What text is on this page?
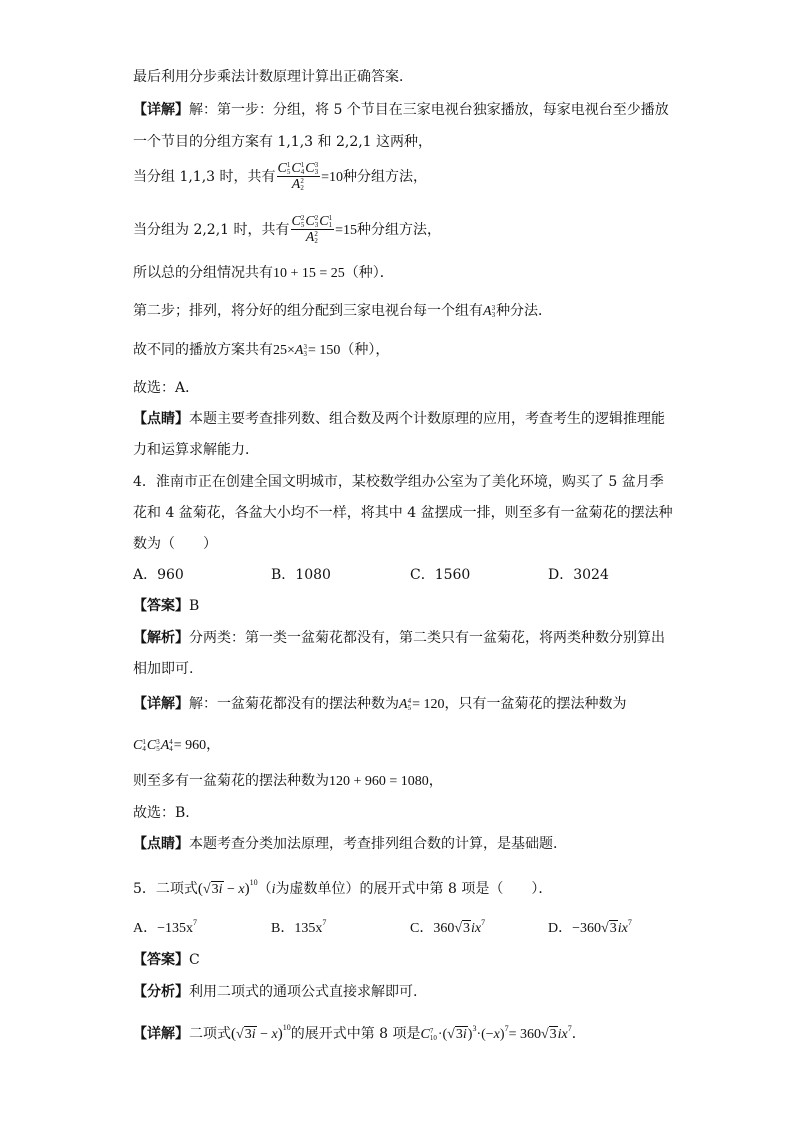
最后利用分步乘法计数原理计算出正确答案．
【详解】解：第一步：分组，将 5 个节目在三家电视台独家播放，每家电视台至少播放
一个节目的分组方案有 1,1,3 和 2,2,1 这两种，
当分组 1,1,3 时，共有 C 1
5 C 1
4 C 3
3
A 2
2 =10种分组方法，
当分组为 2,2,1 时，共有 C 2
5 C 2
3 C 1
1
A 2
2 =15种分组方法，
所以总的分组情况共有10 + 15 = 25（种）．
第二步；排列，将分好的组分配到三家电视台每一个组有A 3
3 种分法．
故不同的播放方案共有25×A 3
3 = 150（种），
故选：A．
【点睛】本题主要考查排列数、组合数及两个计数原理的应用，考查考生的逻辑推理能
力和运算求解能力．
4．淮南市正在创建全国文明城市，某校数学组办公室为了美化环境，购买了 5 盆月季
花和 4 盆菊花，各盆大小均不一样，将其中 4 盆摆成一排，则至多有一盆菊花的摆法种
数为（　　）
A．960	B．1080	C．1560	D．3024
【答案】B
【解析】分两类：第一类一盆菊花都没有，第二类只有一盆菊花，将两类种数分别算出
相加即可.
【详解】解：一盆菊花都没有的摆法种数为A 4
5 = 120，只有一盆菊花的摆法种数为
C 1
4 C 3
5 A 4
4 = 960，
则至多有一盆菊花的摆法种数为120 + 960 = 1080，
故选：B.
【点睛】本题考查分类加法原理，考查排列组合数的计算，是基础题.
5．二项式$(√3i - x)^{10}(i$为虚数单位）的展开式中第 8 项是（　　）．
A．$-135x^7$	B．$135x^7$	C．$360√3ix^7$	D．$-360√3ix^7$
【答案】C
【分析】利用二项式的通项公式直接求解即可.
【详解】二项式$(√3i - x)^{10}$的展开式中第 8 项是C 7
$10 \cdot(√3i)^3\cdot(-x)^7= 360√3ix^7$．
